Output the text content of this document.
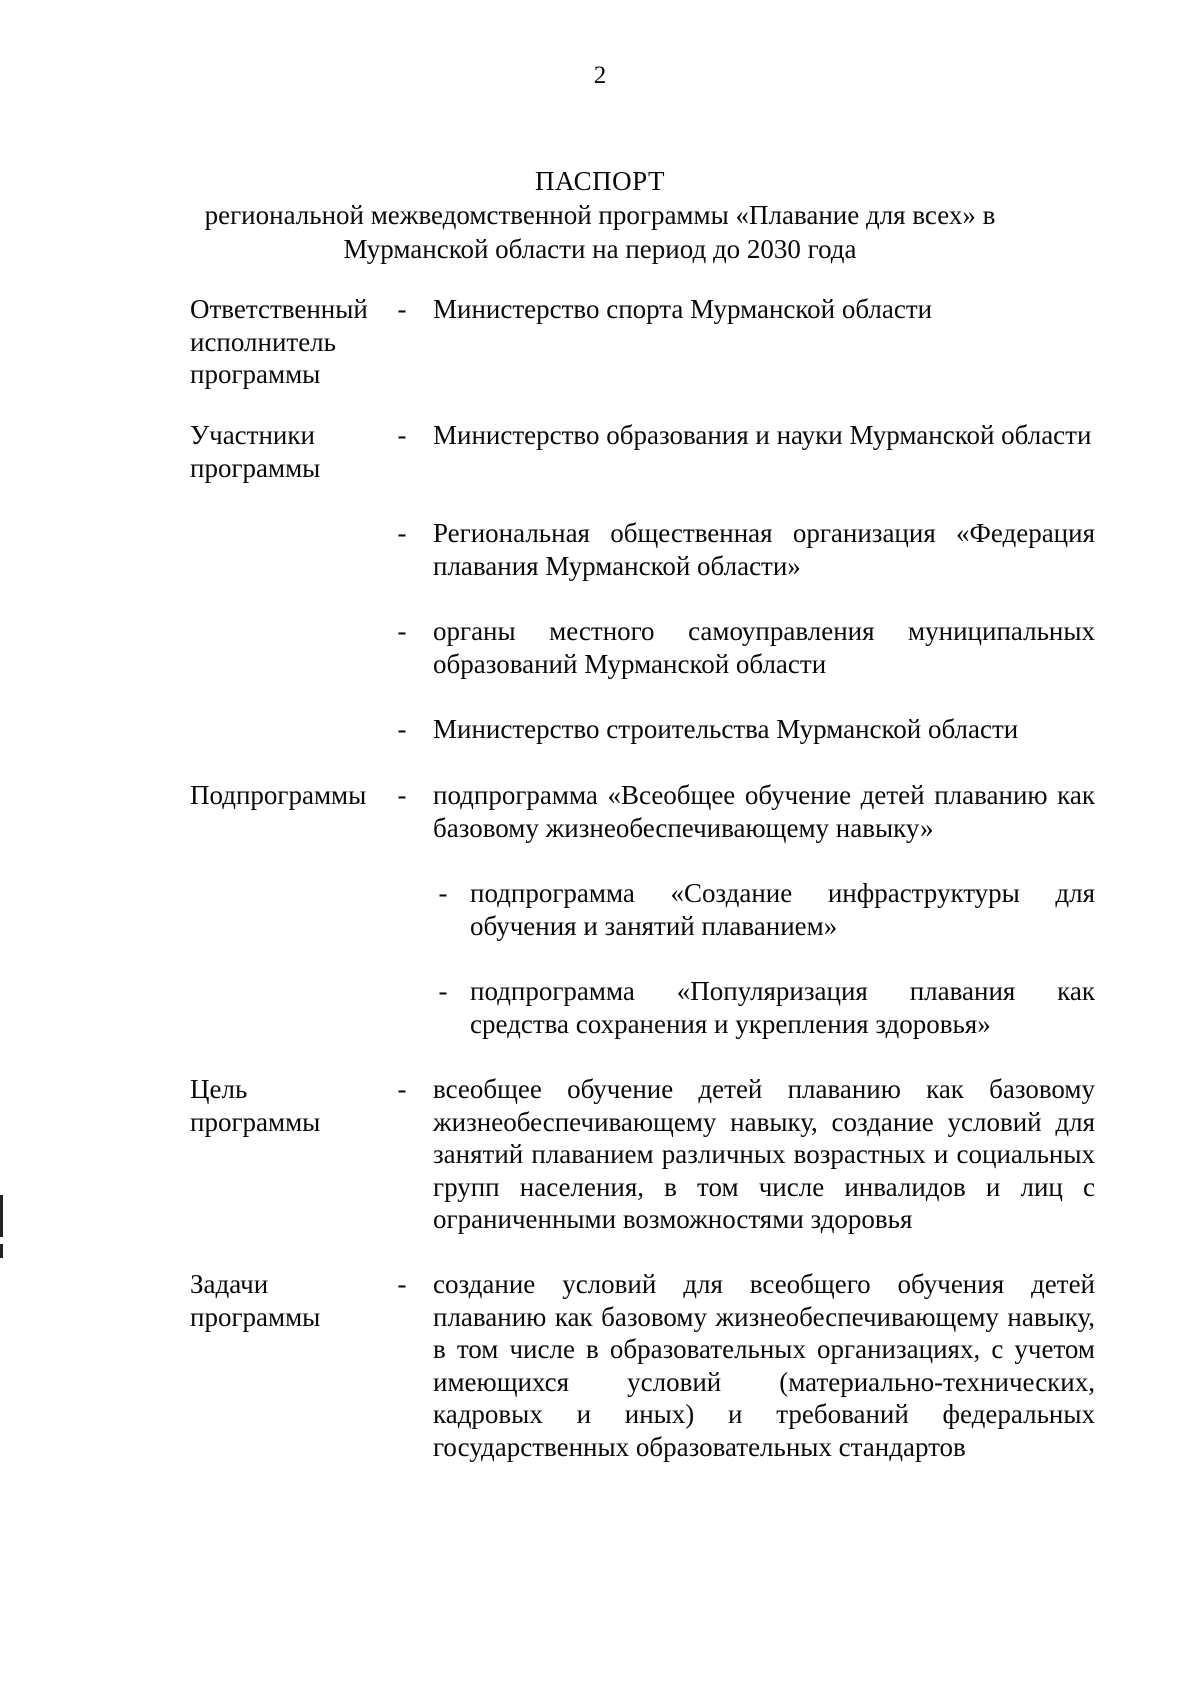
2
ПАСПОРТ
региональной межведомственной программы «Плавание для всех» в
Мурманской области на период до 2030 года
Ответственный
исполнитель
программы
- Министерство спорта Мурманской области
Участники
программы
- Министерство образования и науки Мурманской области
- Региональная общественная организация «Федерация плавания Мурманской области»
- органы местного самоуправления муниципальных образований Мурманской области
- Министерство строительства Мурманской области
Подпрограммы	- подпрограмма «Всеобщее обучение детей плаванию как базовому жизнеобеспечивающему навыку»
- подпрограмма «Создание инфраструктуры для обучения и занятий плаванием»
- подпрограмма «Популяризация плавания как средства сохранения и укрепления здоровья»
Цель
программы
- всеобщее обучение детей плаванию как базовому жизнеобеспечивающему навыку, создание условий для занятий плаванием различных возрастных и социальных групп населения, в том числе инвалидов и лиц с ограниченными возможностями здоровья
Задачи
программы
- создание условий для всеобщего обучения детей плаванию как базовому жизнеобеспечивающему навыку, в том числе в образовательных организациях, с учетом имеющихся условий (материально-технических, кадровых и иных) и требований федеральных государственных образовательных стандартов
